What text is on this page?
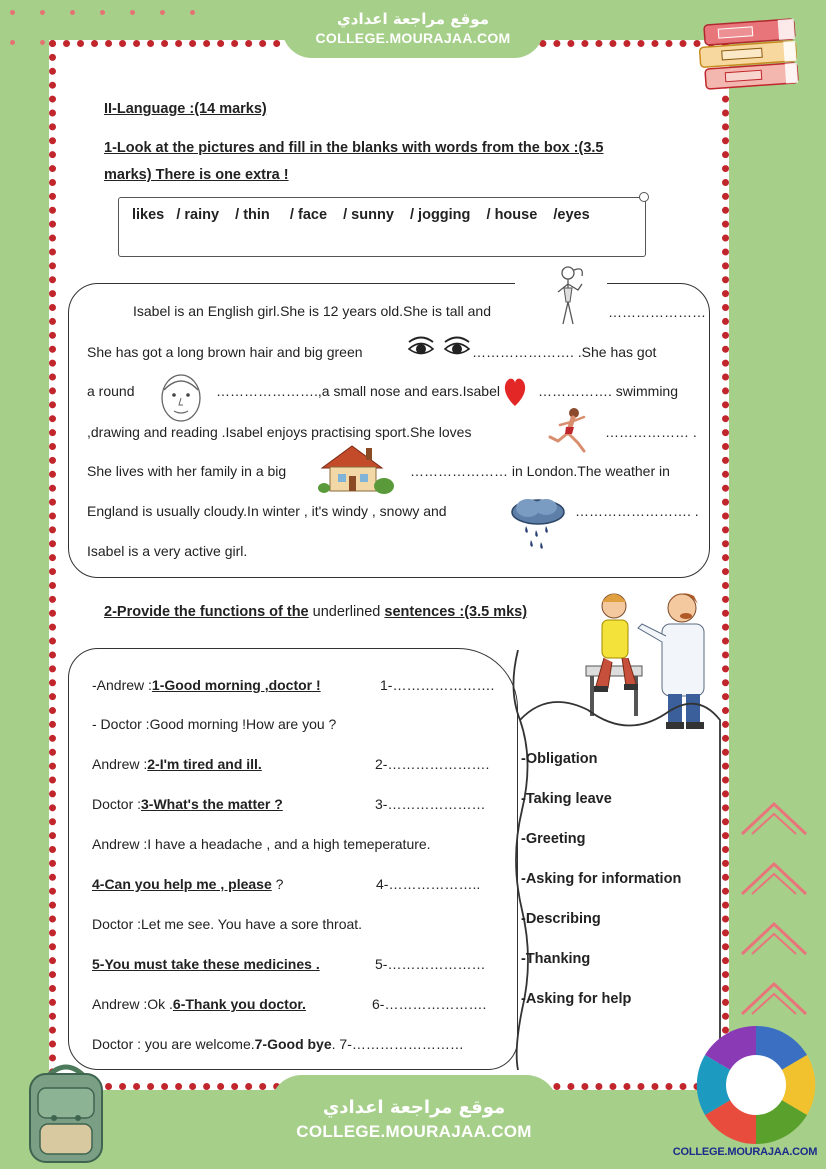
موقع مراجعة اعدادي
COLLEGE.MOURAJAA.COM
II-Language :(14 marks)
1-Look at the pictures and fill in the blanks with words from the box :(3.5
marks) There is one extra !
likes   / rainy    / thin     / face    / sunny    / jogging    / house    /eyes
Isabel is an English girl.She is 12 years old.She is tall and	…………………
She has got a long brown hair and big green	…………………. .She has got
a round	………………….,a small nose and ears.Isabel	……………. swimming
,drawing and reading .Isabel enjoys practising sport.She loves	……………… .
She lives with her family in a big	………………… in London.The weather in
England is usually cloudy.In winter , it's windy , snowy and	……………………. .
Isabel is a very active girl.
2-Provide the functions of the underlined sentences :(3.5 mks)
-Andrew :1-Good morning ,doctor !	1-………………….
- Doctor :Good morning !How are you ?
Andrew :2-I'm tired and ill.	2-………………….
Doctor :3-What's the matter ?	3-…………………
Andrew :I have a headache , and a high temeperature.
4-Can you help me , please ?	4-………………..
Doctor :Let me see. You have a sore throat.
5-You must take these medicines .	5-…………………
Andrew :Ok .6-Thank you doctor.	6-………………….
Doctor : you are welcome.7-Good bye. 7-……………………
-Obligation
-Taking leave
-Greeting
-Asking for information
-Describing
-Thanking
-Asking for help
موقع مراجعة اعدادي
COLLEGE.MOURAJAA.COM
COLLEGE.MOURAJAA.COM
